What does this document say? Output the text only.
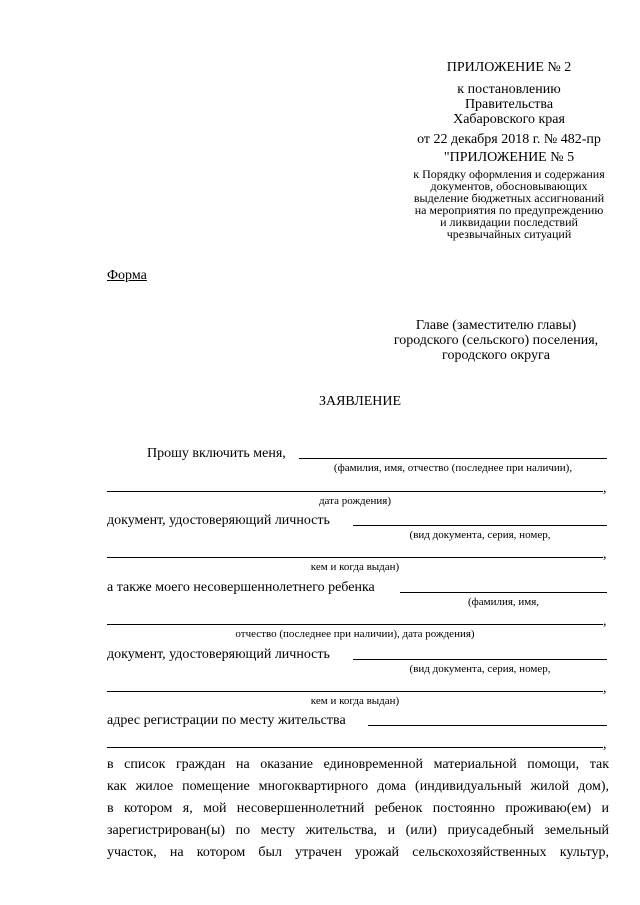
ПРИЛОЖЕНИЕ № 2
к постановлению
Правительства
Хабаровского края
от 22 декабря 2018 г. № 482-пр
"ПРИЛОЖЕНИЕ № 5
к Порядку оформления и содержания
документов, обосновывающих
выделение бюджетных ассигнований
на мероприятия по предупреждению
и ликвидации последствий
чрезвычайных ситуаций
Форма
Главе (заместителю главы)
городского (сельского) поселения,
городского округа
ЗАЯВЛЕНИЕ
Прошу включить меня,
(фамилия, имя, отчество (последнее при наличии),
,
дата рождения)
документ, удостоверяющий личность
(вид документа, серия, номер,
,
кем и когда выдан)
а также моего несовершеннолетнего ребенка
(фамилия, имя,
,
отчество (последнее при наличии), дата рождения)
документ, удостоверяющий личность
(вид документа, серия, номер,
,
кем и когда выдан)
адрес регистрации по месту жительства
,
в список граждан на оказание единовременной материальной помощи, так
как жилое помещение многоквартирного дома (индивидуальный жилой дом),
в котором я, мой несовершеннолетний ребенок постоянно проживаю(ем) и
зарегистрирован(ы) по месту жительства, и (или) приусадебный земельный
участок, на котором был утрачен урожай сельскохозяйственных культур,
